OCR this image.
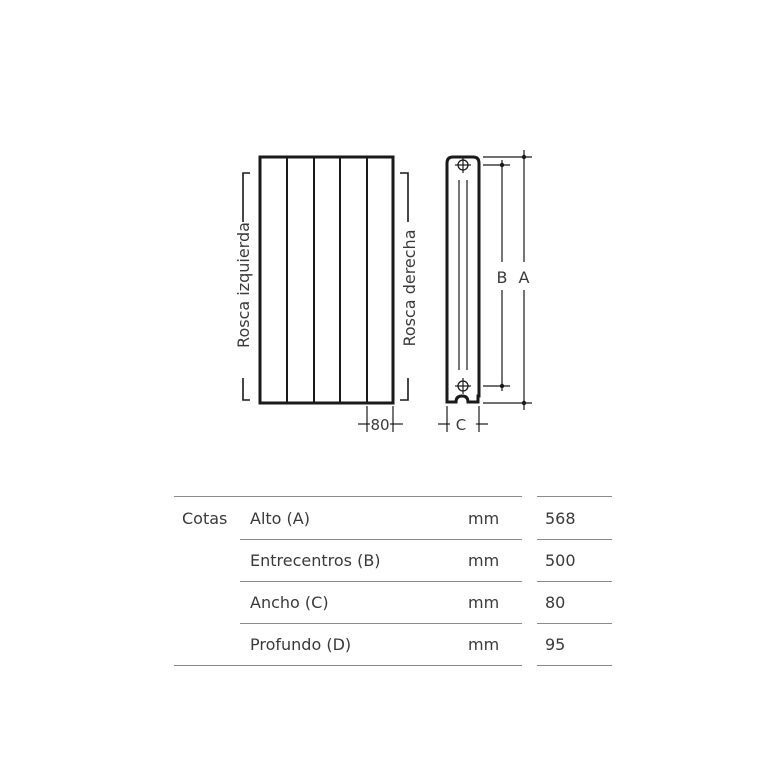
Rosca izquierda	Rosca derecha
80
B A
C
Cotas Alto (A)	mm	568
Entrecentros (B)	mm	500
Ancho (C)	mm	80
Profundo (D)	mm	95
